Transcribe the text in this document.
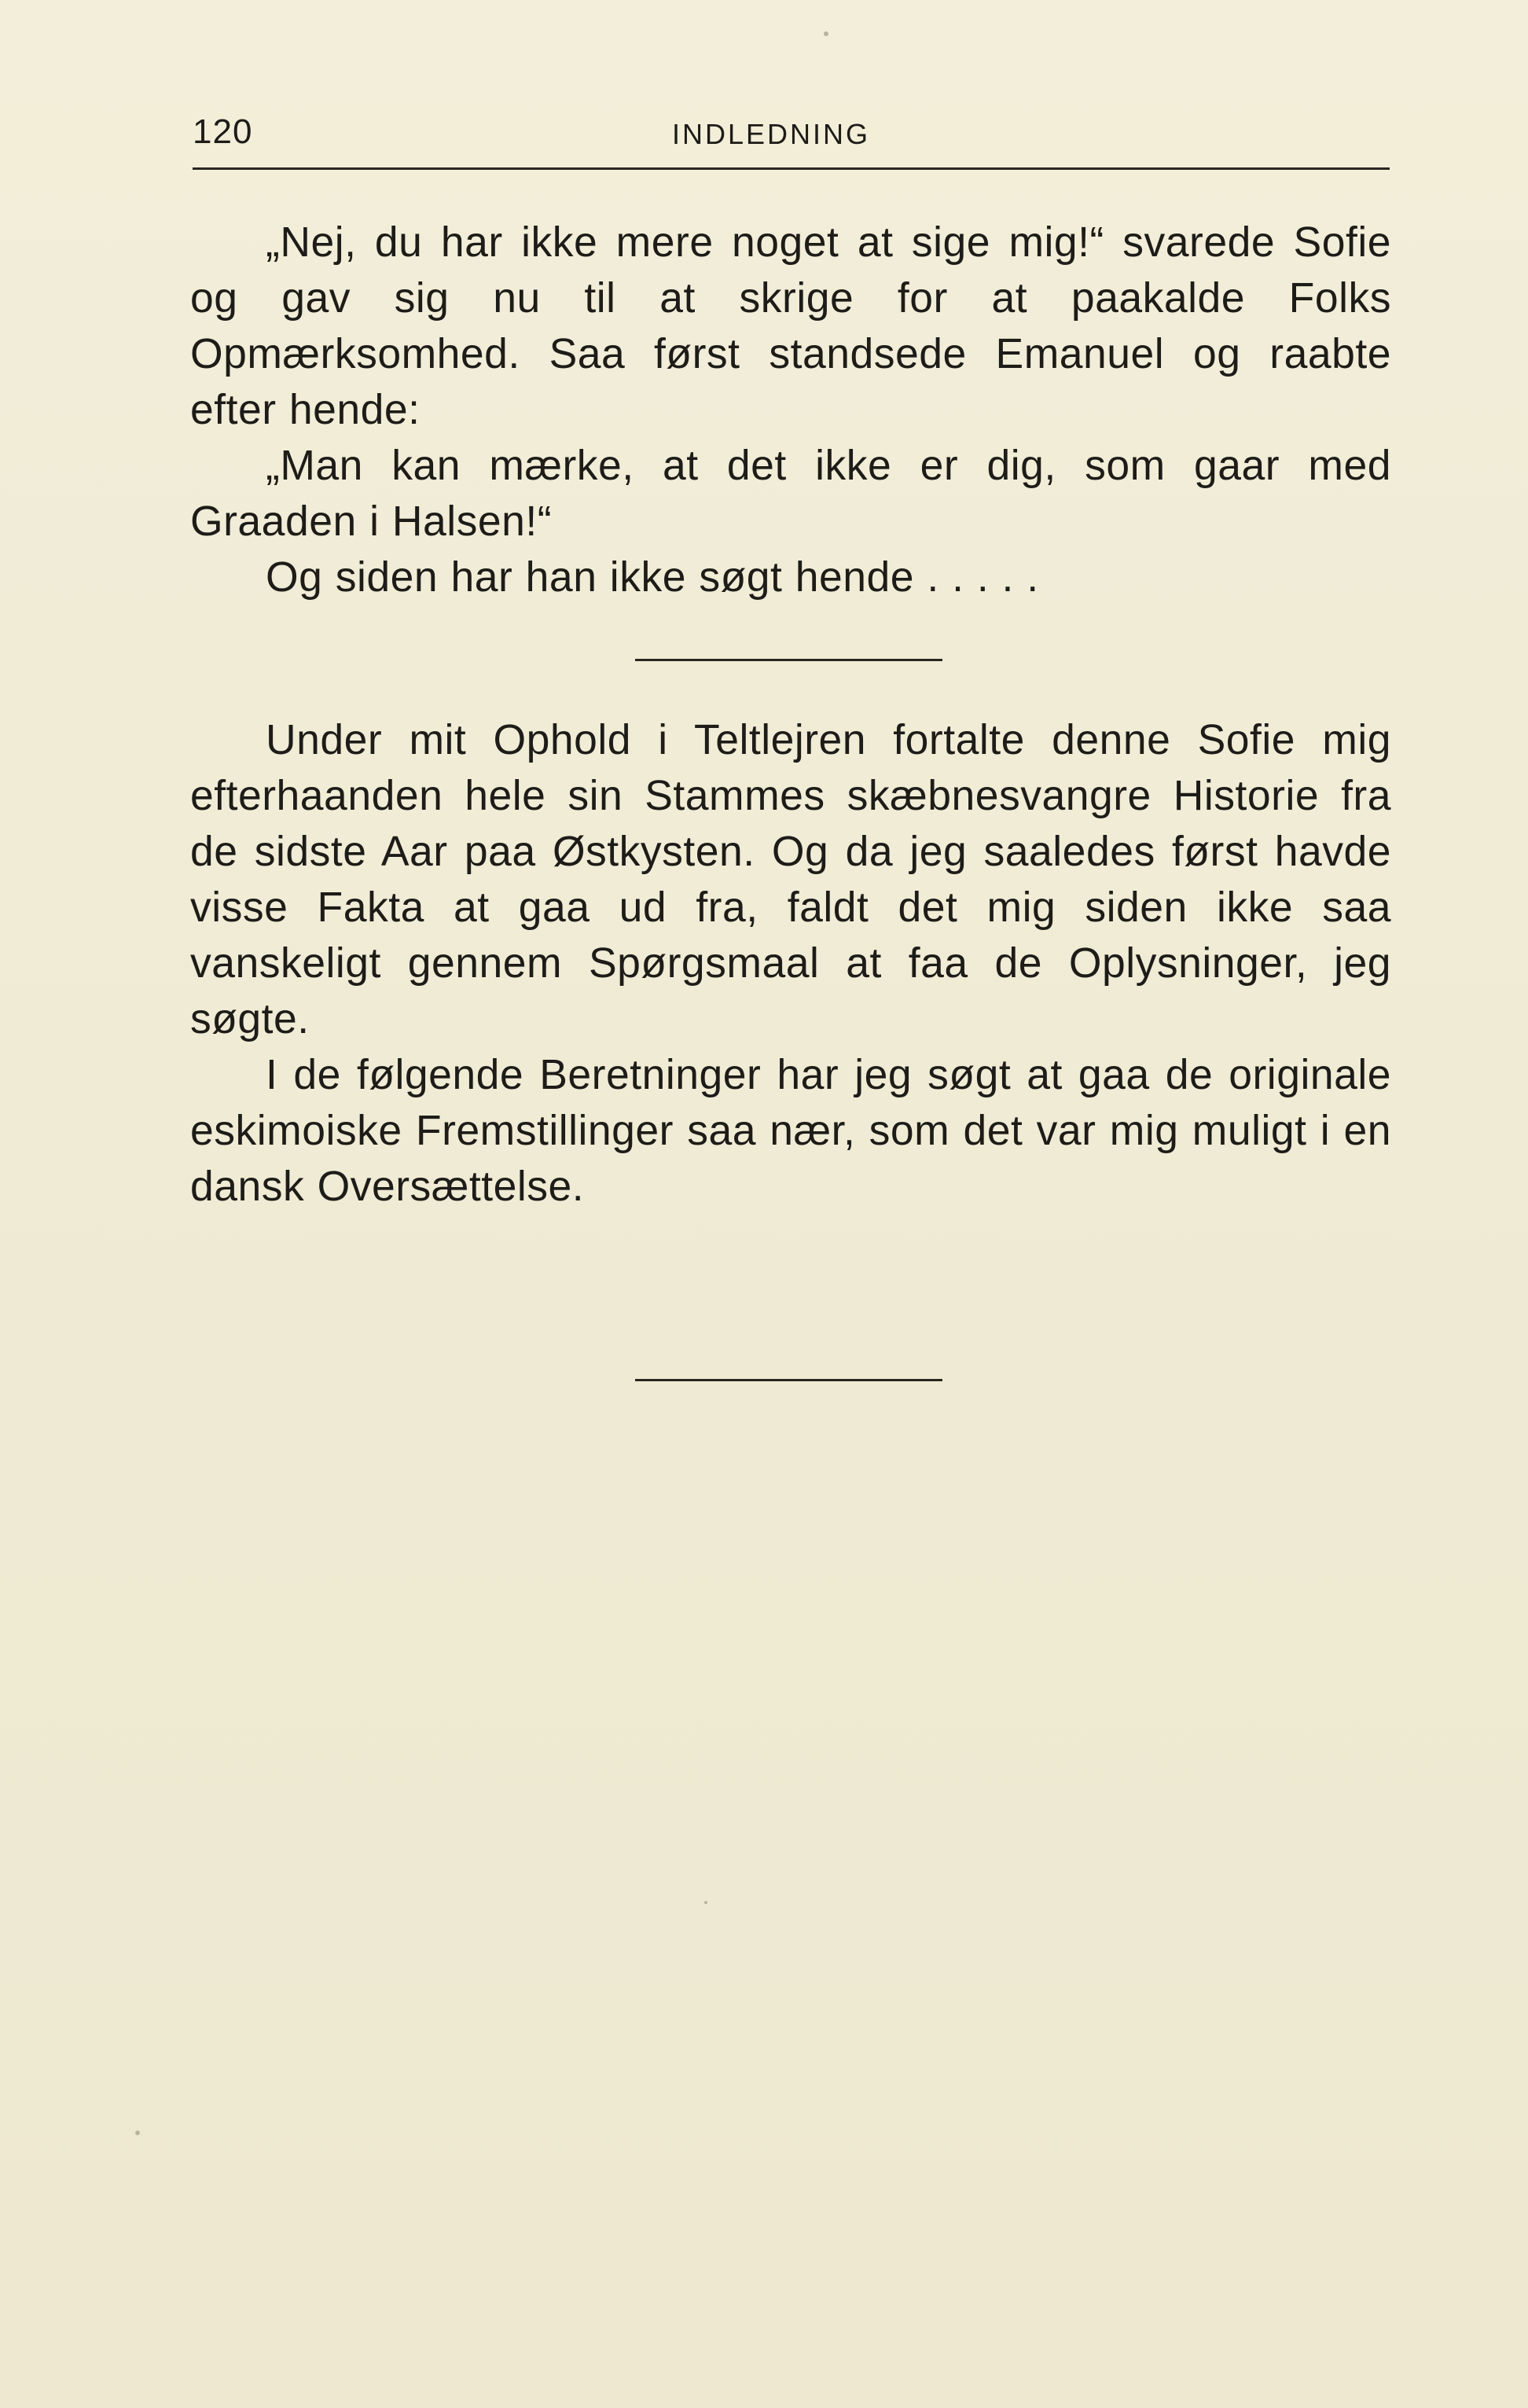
120	INDLEDNING

„Nej, du har ikke mere noget at sige mig!“ svarede Sofie og gav sig nu til at skrige for at paakalde Folks Opmærksomhed. Saa først standsede Emanuel og raabte efter hende:

„Man kan mærke, at det ikke er dig, som gaar med Graaden i Halsen!“

Og siden har han ikke søgt hende . . . . .

Under mit Ophold i Teltlejren fortalte denne Sofie mig efterhaanden hele sin Stammes skæbnesvangre Historie fra de sidste Aar paa Østkysten. Og da jeg saaledes først havde visse Fakta at gaa ud fra, faldt det mig siden ikke saa vanskeligt gennem Spørgsmaal at faa de Oplysninger, jeg søgte.

I de følgende Beretninger har jeg søgt at gaa de originale eskimoiske Fremstillinger saa nær, som det var mig muligt i en dansk Oversættelse.
